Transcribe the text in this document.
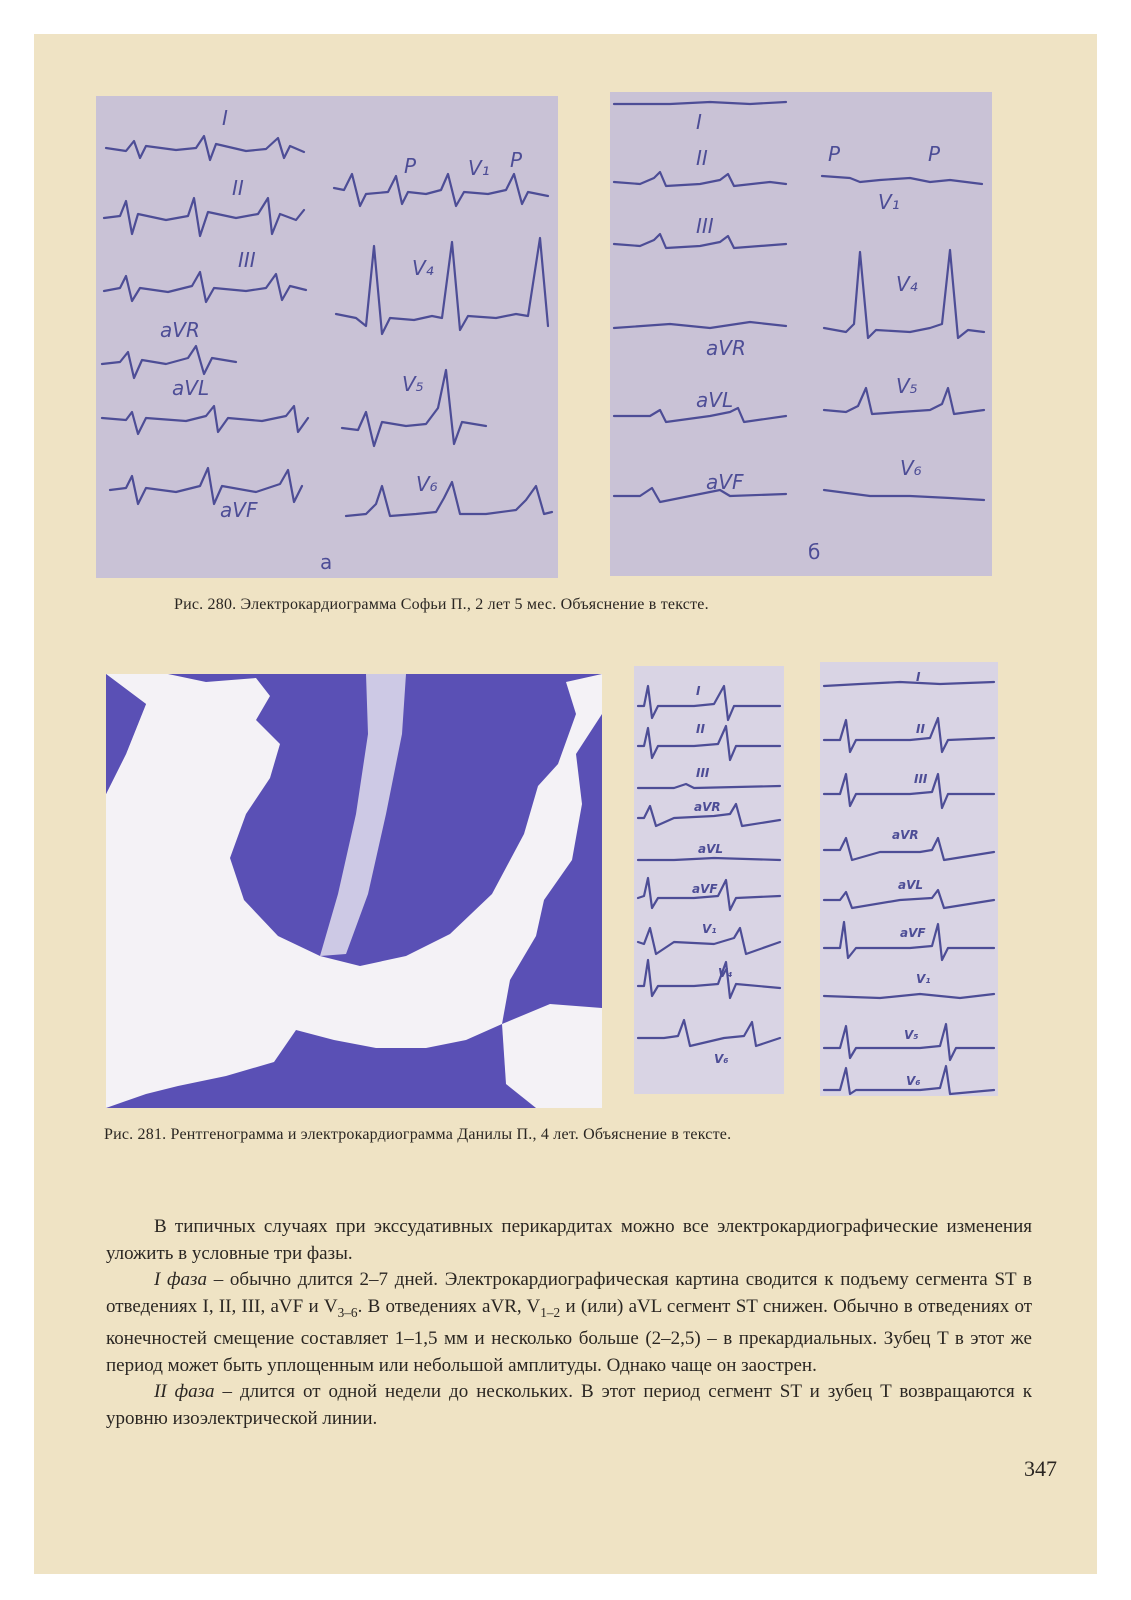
I
II
III
aVR
aVL
aVF
P	V₁ P
V₄
V₅
V₆
а
I
II
III
aVR
aVL
aVF
P	P
V₁
V₄
V₅
V₆
б
Рис. 280. Электрокардиограмма Софьи П., 2 лет 5 мес. Объяснение в тексте.
I
II
III
aVR
aVL
aVF
V₁
V₄
V₆
I
II
III
aVR
aVL
aVF
V₁
V₅
V₆
Рис. 281. Рентгенограмма и электрокардиограмма Данилы П., 4 лет. Объяснение в тексте.

В типичных случаях при экссудативных перикардитах можно все электрокардиографические изменения уложить в условные три фазы.

I фаза – обычно длится 2–7 дней. Электрокардиографическая картина сводится к подъему сегмента ST в отведениях I, II, III, aVF и $V_{3-6}$. В отведениях aVR, $V_{1-2}$ и (или) aVL сегмент ST снижен. Обычно в отведениях от конечностей смещение составляет 1–1,5 мм и несколько больше (2–2,5) – в прекардиальных. Зубец T в этот же период может быть уплощенным или небольшой амплитуды. Однако чаще он заострен.

II фаза – длится от одной недели до нескольких. В этот период сегмент ST и зубец T возвращаются к уровню изоэлектрической линии.

347
